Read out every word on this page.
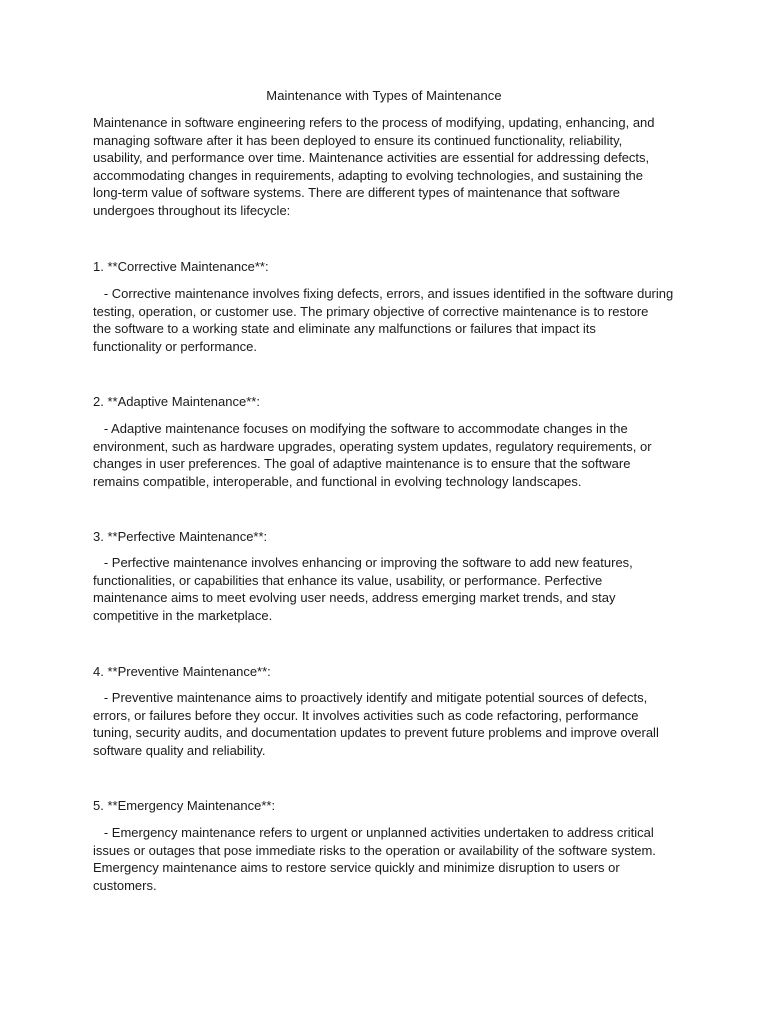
Maintenance with Types of Maintenance

Maintenance in software engineering refers to the process of modifying, updating, enhancing, and

managing software after it has been deployed to ensure its continued functionality, reliability,

usability, and performance over time. Maintenance activities are essential for addressing defects,

accommodating changes in requirements, adapting to evolving technologies, and sustaining the

long-term value of software systems. There are different types of maintenance that software

undergoes throughout its lifecycle:

1. **Corrective Maintenance**:

- Corrective maintenance involves fixing defects, errors, and issues identified in the software during

testing, operation, or customer use. The primary objective of corrective maintenance is to restore

the software to a working state and eliminate any malfunctions or failures that impact its

functionality or performance.

2. **Adaptive Maintenance**:

- Adaptive maintenance focuses on modifying the software to accommodate changes in the

environment, such as hardware upgrades, operating system updates, regulatory requirements, or

changes in user preferences. The goal of adaptive maintenance is to ensure that the software

remains compatible, interoperable, and functional in evolving technology landscapes.

3. **Perfective Maintenance**:

- Perfective maintenance involves enhancing or improving the software to add new features,

functionalities, or capabilities that enhance its value, usability, or performance. Perfective

maintenance aims to meet evolving user needs, address emerging market trends, and stay

competitive in the marketplace.

4. **Preventive Maintenance**:

- Preventive maintenance aims to proactively identify and mitigate potential sources of defects,

errors, or failures before they occur. It involves activities such as code refactoring, performance

tuning, security audits, and documentation updates to prevent future problems and improve overall

software quality and reliability.

5. **Emergency Maintenance**:

- Emergency maintenance refers to urgent or unplanned activities undertaken to address critical

issues or outages that pose immediate risks to the operation or availability of the software system.

Emergency maintenance aims to restore service quickly and minimize disruption to users or

customers.
